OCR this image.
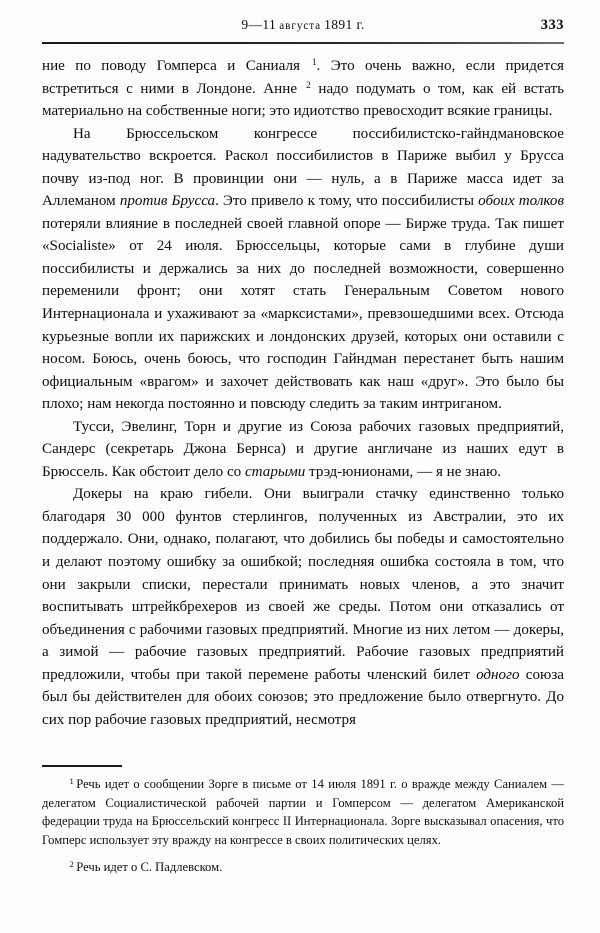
9—11  августа  1891 г.	333

ние по поводу Гомперса и Саниаля $^1$. Это очень важно, если придется встретиться с ними в Лондоне. Анне $^2$ надо подумать о том, как ей встать материально на собственные ноги; это идиотство превосходит всякие границы.

На Брюссельском конгрессе поссибилистско-гайндмановское надувательство вскроется. Раскол поссибилистов в Париже выбил у Брусса почву из-под ног. В провинции они — нуль, а в Париже масса идет за Аллеманом против Брусса. Это привело к тому, что поссибилисты обоих толков потеряли влияние в последней своей главной опоре — Бирже труда. Так пишет «Socialiste» от 24 июля. Брюссельцы, которые сами в глубине души поссибилисты и держались за них до последней возможности, совершенно переменили фронт; они хотят стать Генеральным Советом нового Интернационала и ухаживают за «марксистами», превзошедшими всех. Отсюда курьезные вопли их парижских и лондонских друзей, которых они оставили с носом. Боюсь, очень боюсь, что господин Гайндман перестанет быть нашим официальным «врагом» и захочет действовать как наш «друг». Это было бы плохо; нам некогда постоянно и повсюду следить за таким интриганом.

Тусси, Эвелинг, Торн и другие из Союза рабочих газовых предприятий, Сандерс (секретарь Джона Бернса) и другие англичане из наших едут в Брюссель. Как обстоит дело со старыми трэд-юнионами, — я не знаю.

Докеры на краю гибели. Они выиграли стачку единственно только благодаря 30 000 фунтов стерлингов, полученных из Австралии, это их поддержало. Они, однако, полагают, что добились бы победы и самостоятельно и делают поэтому ошибку за ошибкой; последняя ошибка состояла в том, что они закрыли списки, перестали принимать новых членов, а это значит воспитывать штрейкбрехеров из своей же среды. Потом они отказались от объединения с рабочими газовых предприятий. Многие из них летом — докеры, а зимой — рабочие газовых предприятий. Рабочие газовых предприятий предложили, чтобы при такой перемене работы членский билет одного союза был бы действителен для обоих союзов; это предложение было отвергнуто. До сих пор рабочие газовых предприятий, несмотря

$^1$ Речь идет о сообщении Зорге в письме от 14 июля 1891 г. о враждe между Саниалем — делегатом Социалистической рабочей партии и Гомперсом — делегатом Американской федерации труда на Брюссельский конгресс II Интернационала. Зорге высказывал опасения, что Гомперс использует эту вражду на конгрессе в своих политических целях.

$^2$ Речь идет о С. Падлевском.
